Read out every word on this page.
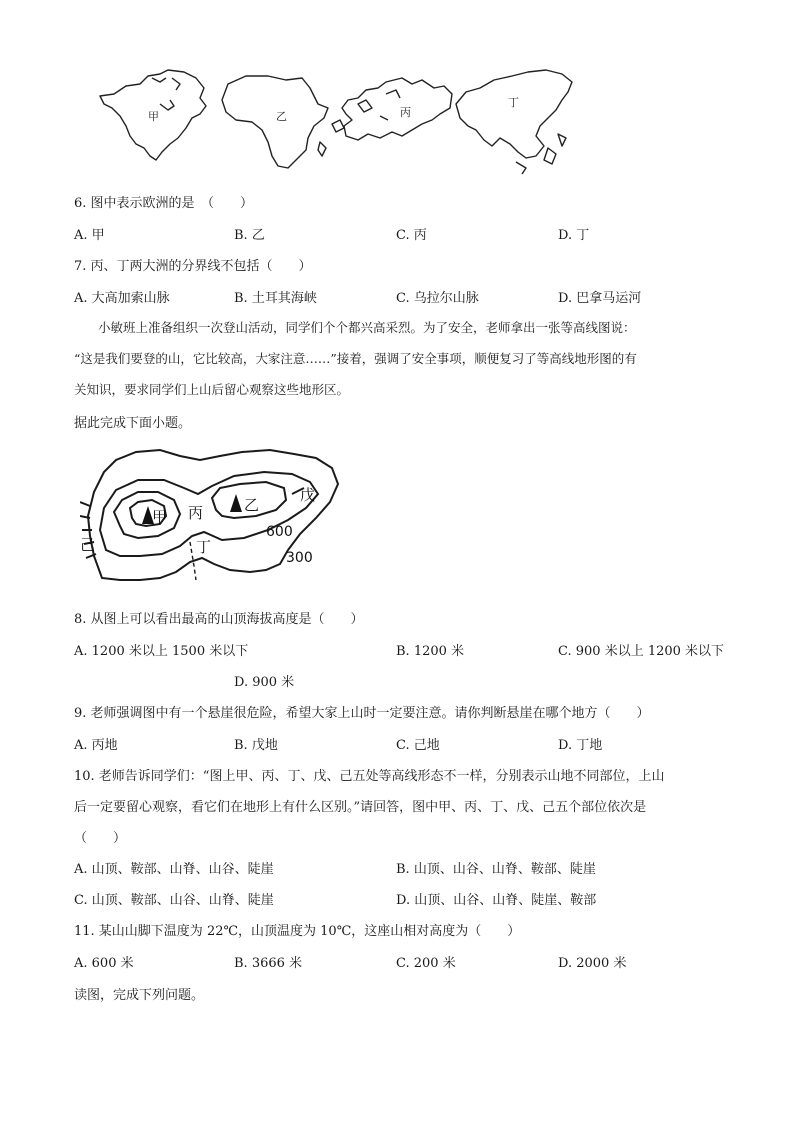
甲	乙	丙
丁
6. 图中表示欧洲的是　（　　）
A. 甲	B. 乙	C. 丙	D. 丁
7. 丙、丁两大洲的分界线不包括（　　）
A. 大高加索山脉	B. 土耳其海峡	C. 乌拉尔山脉	D. 巴拿马运河
小敏班上准备组织一次登山活动，同学们个个都兴高采烈。为了安全，老师拿出一张等高线图说：
“这是我们要登的山，它比较高，大家注意……”接着，强调了安全事项，顺便复习了等高线地形图的有
关知识，要求同学们上山后留心观察这些地形区。
据此完成下面小题。
甲
乙
丙
丁
戊
己
600
300
8. 从图上可以看出最高的山顶海拔高度是（　　）
A. 1200 米以上 1500 米以下	B. 1200 米	C. 900 米以上 1200 米以下
D. 900 米
9. 老师强调图中有一个悬崖很危险，希望大家上山时一定要注意。请你判断悬崖在哪个地方（　　）
A. 丙地	B. 戊地	C. 己地	D. 丁地
10. 老师告诉同学们：“图上甲、丙、丁、戊、己五处等高线形态不一样，分别表示山地不同部位，上山
后一定要留心观察，看它们在地形上有什么区别。”请回答，图中甲、丙、丁、戊、己五个部位依次是
（　　）
A. 山顶、鞍部、山脊、山谷、陡崖	B. 山顶、山谷、山脊、鞍部、陡崖
C. 山顶、鞍部、山谷、山脊、陡崖	D. 山顶、山谷、山脊、陡崖、鞍部
11. 某山山脚下温度为 22℃，山顶温度为 10℃，这座山相对高度为（　　）
A. 600 米	B. 3666 米	C. 200 米	D. 2000 米
读图，完成下列问题。
